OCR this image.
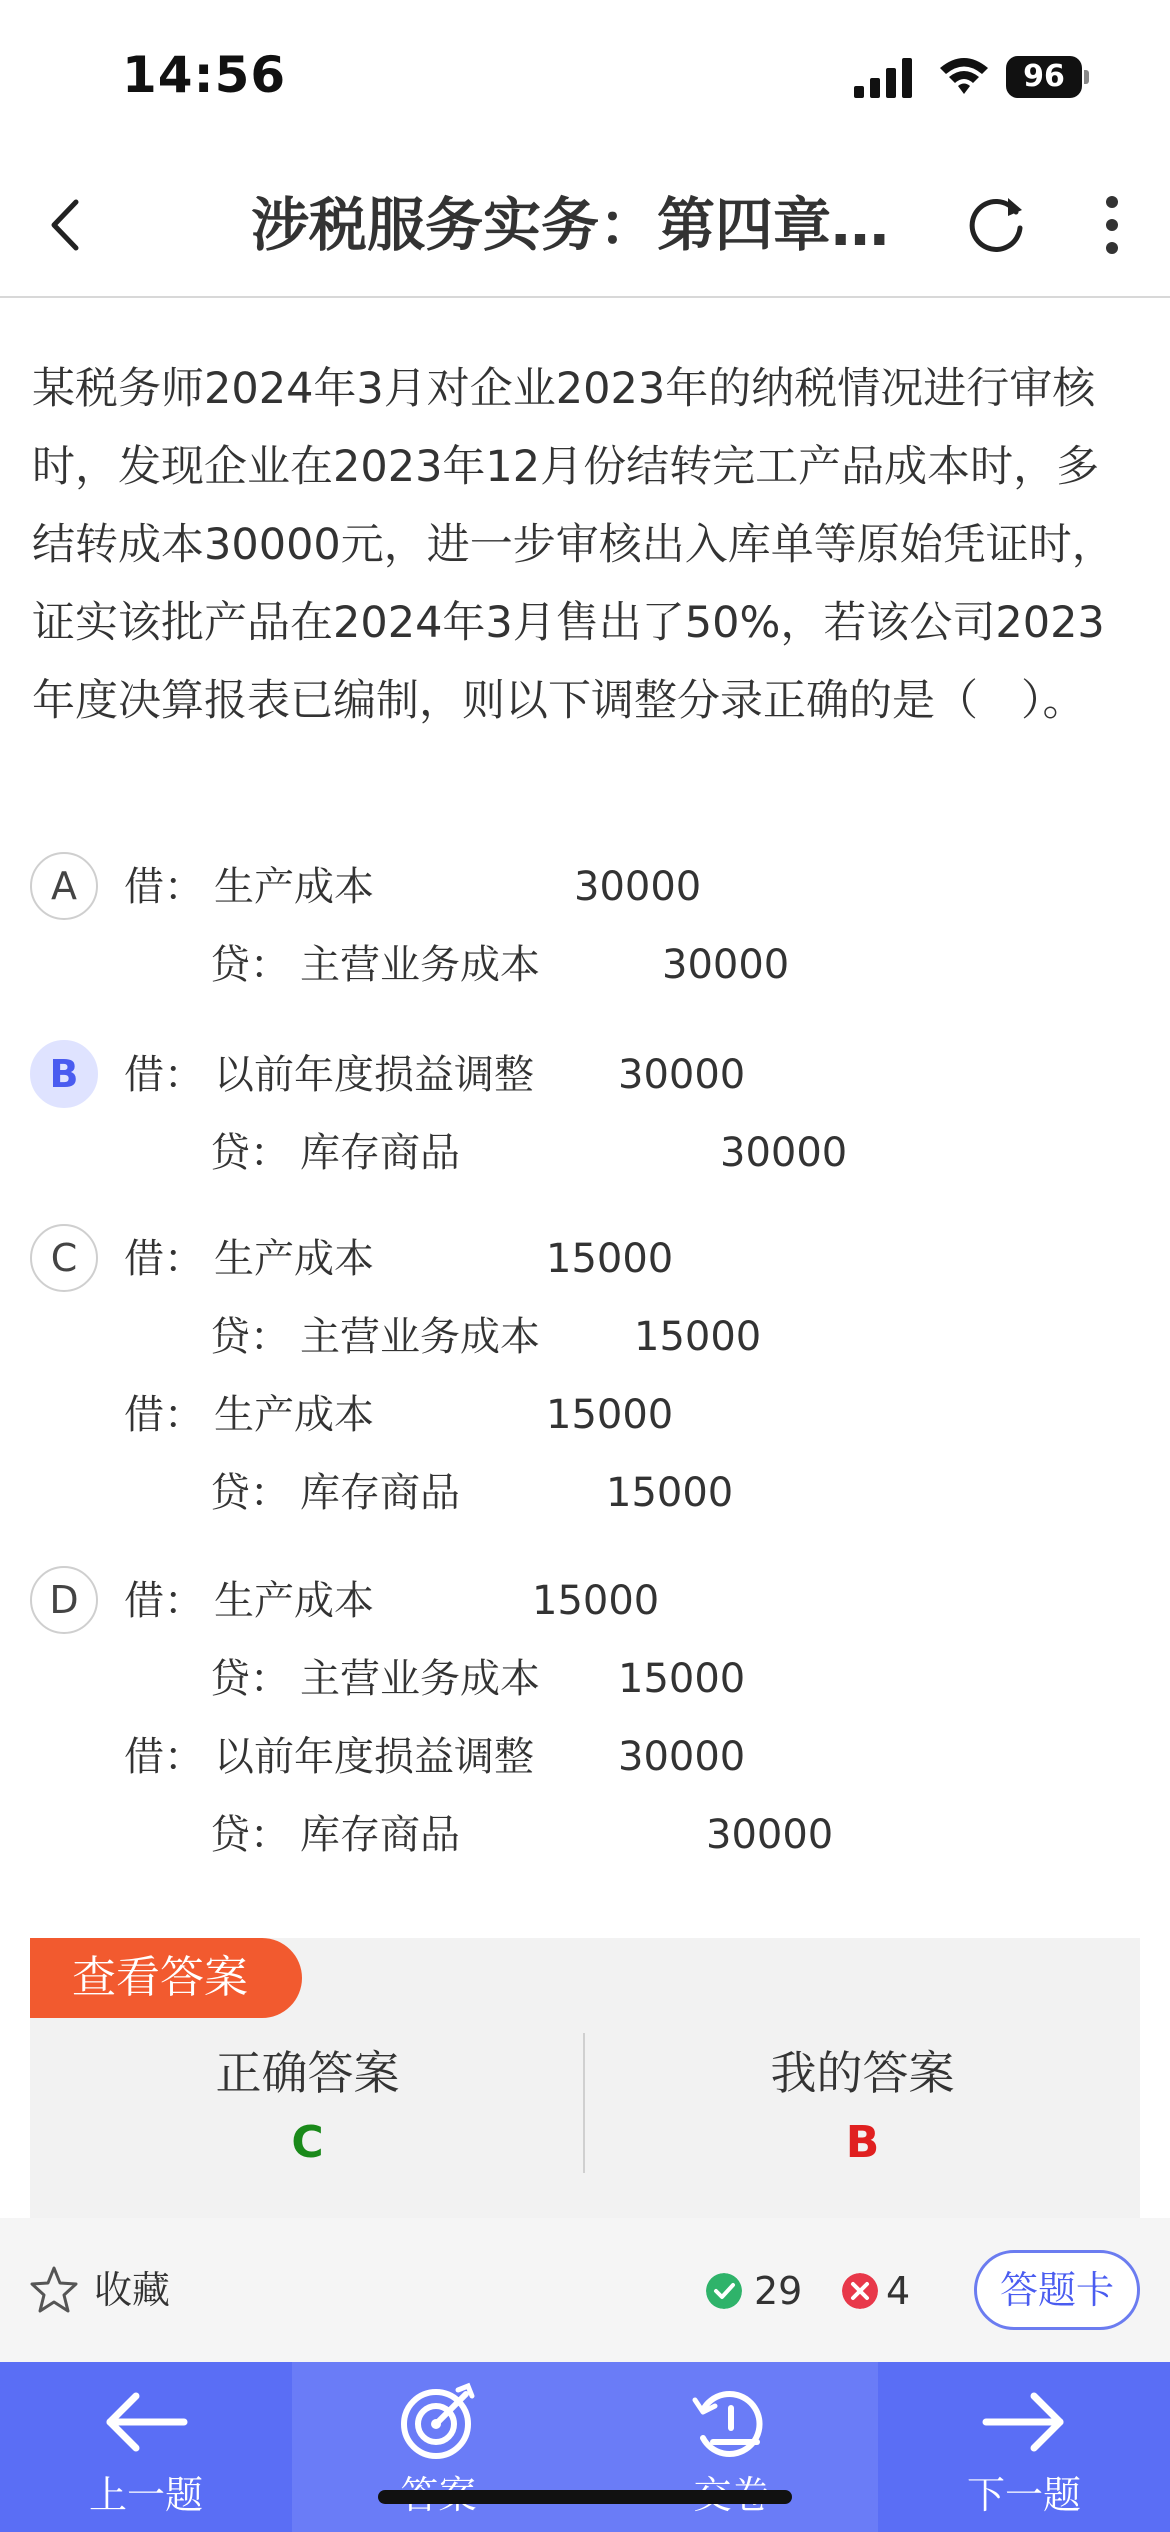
14:56	96
涉税服务实务：第四章…
某税务师2024年3月对企业2023年的纳税情况进行审核时，发现企业在2023年12月份结转完工产品成本时，多结转成本30000元，进一步审核出入库单等原始凭证时，证实该批产品在2024年3月售出了50%，若该公司2023年度决算报表已编制，则以下调整分录正确的是（　）。
A	借： 生产成本	30000
贷： 主营业务成本	30000
B	借： 以前年度损益调整 30000
贷： 库存商品	30000
C	借： 生产成本	15000
贷： 主营业务成本 15000
借： 生产成本	15000
贷： 库存商品	15000
D	借： 生产成本	15000
贷： 主营业务成本 15000
借： 以前年度损益调整 30000
贷： 库存商品	30000
查看答案
正确答案
C
我的答案
B
收藏	29 4	答题卡
上一题	下一题
